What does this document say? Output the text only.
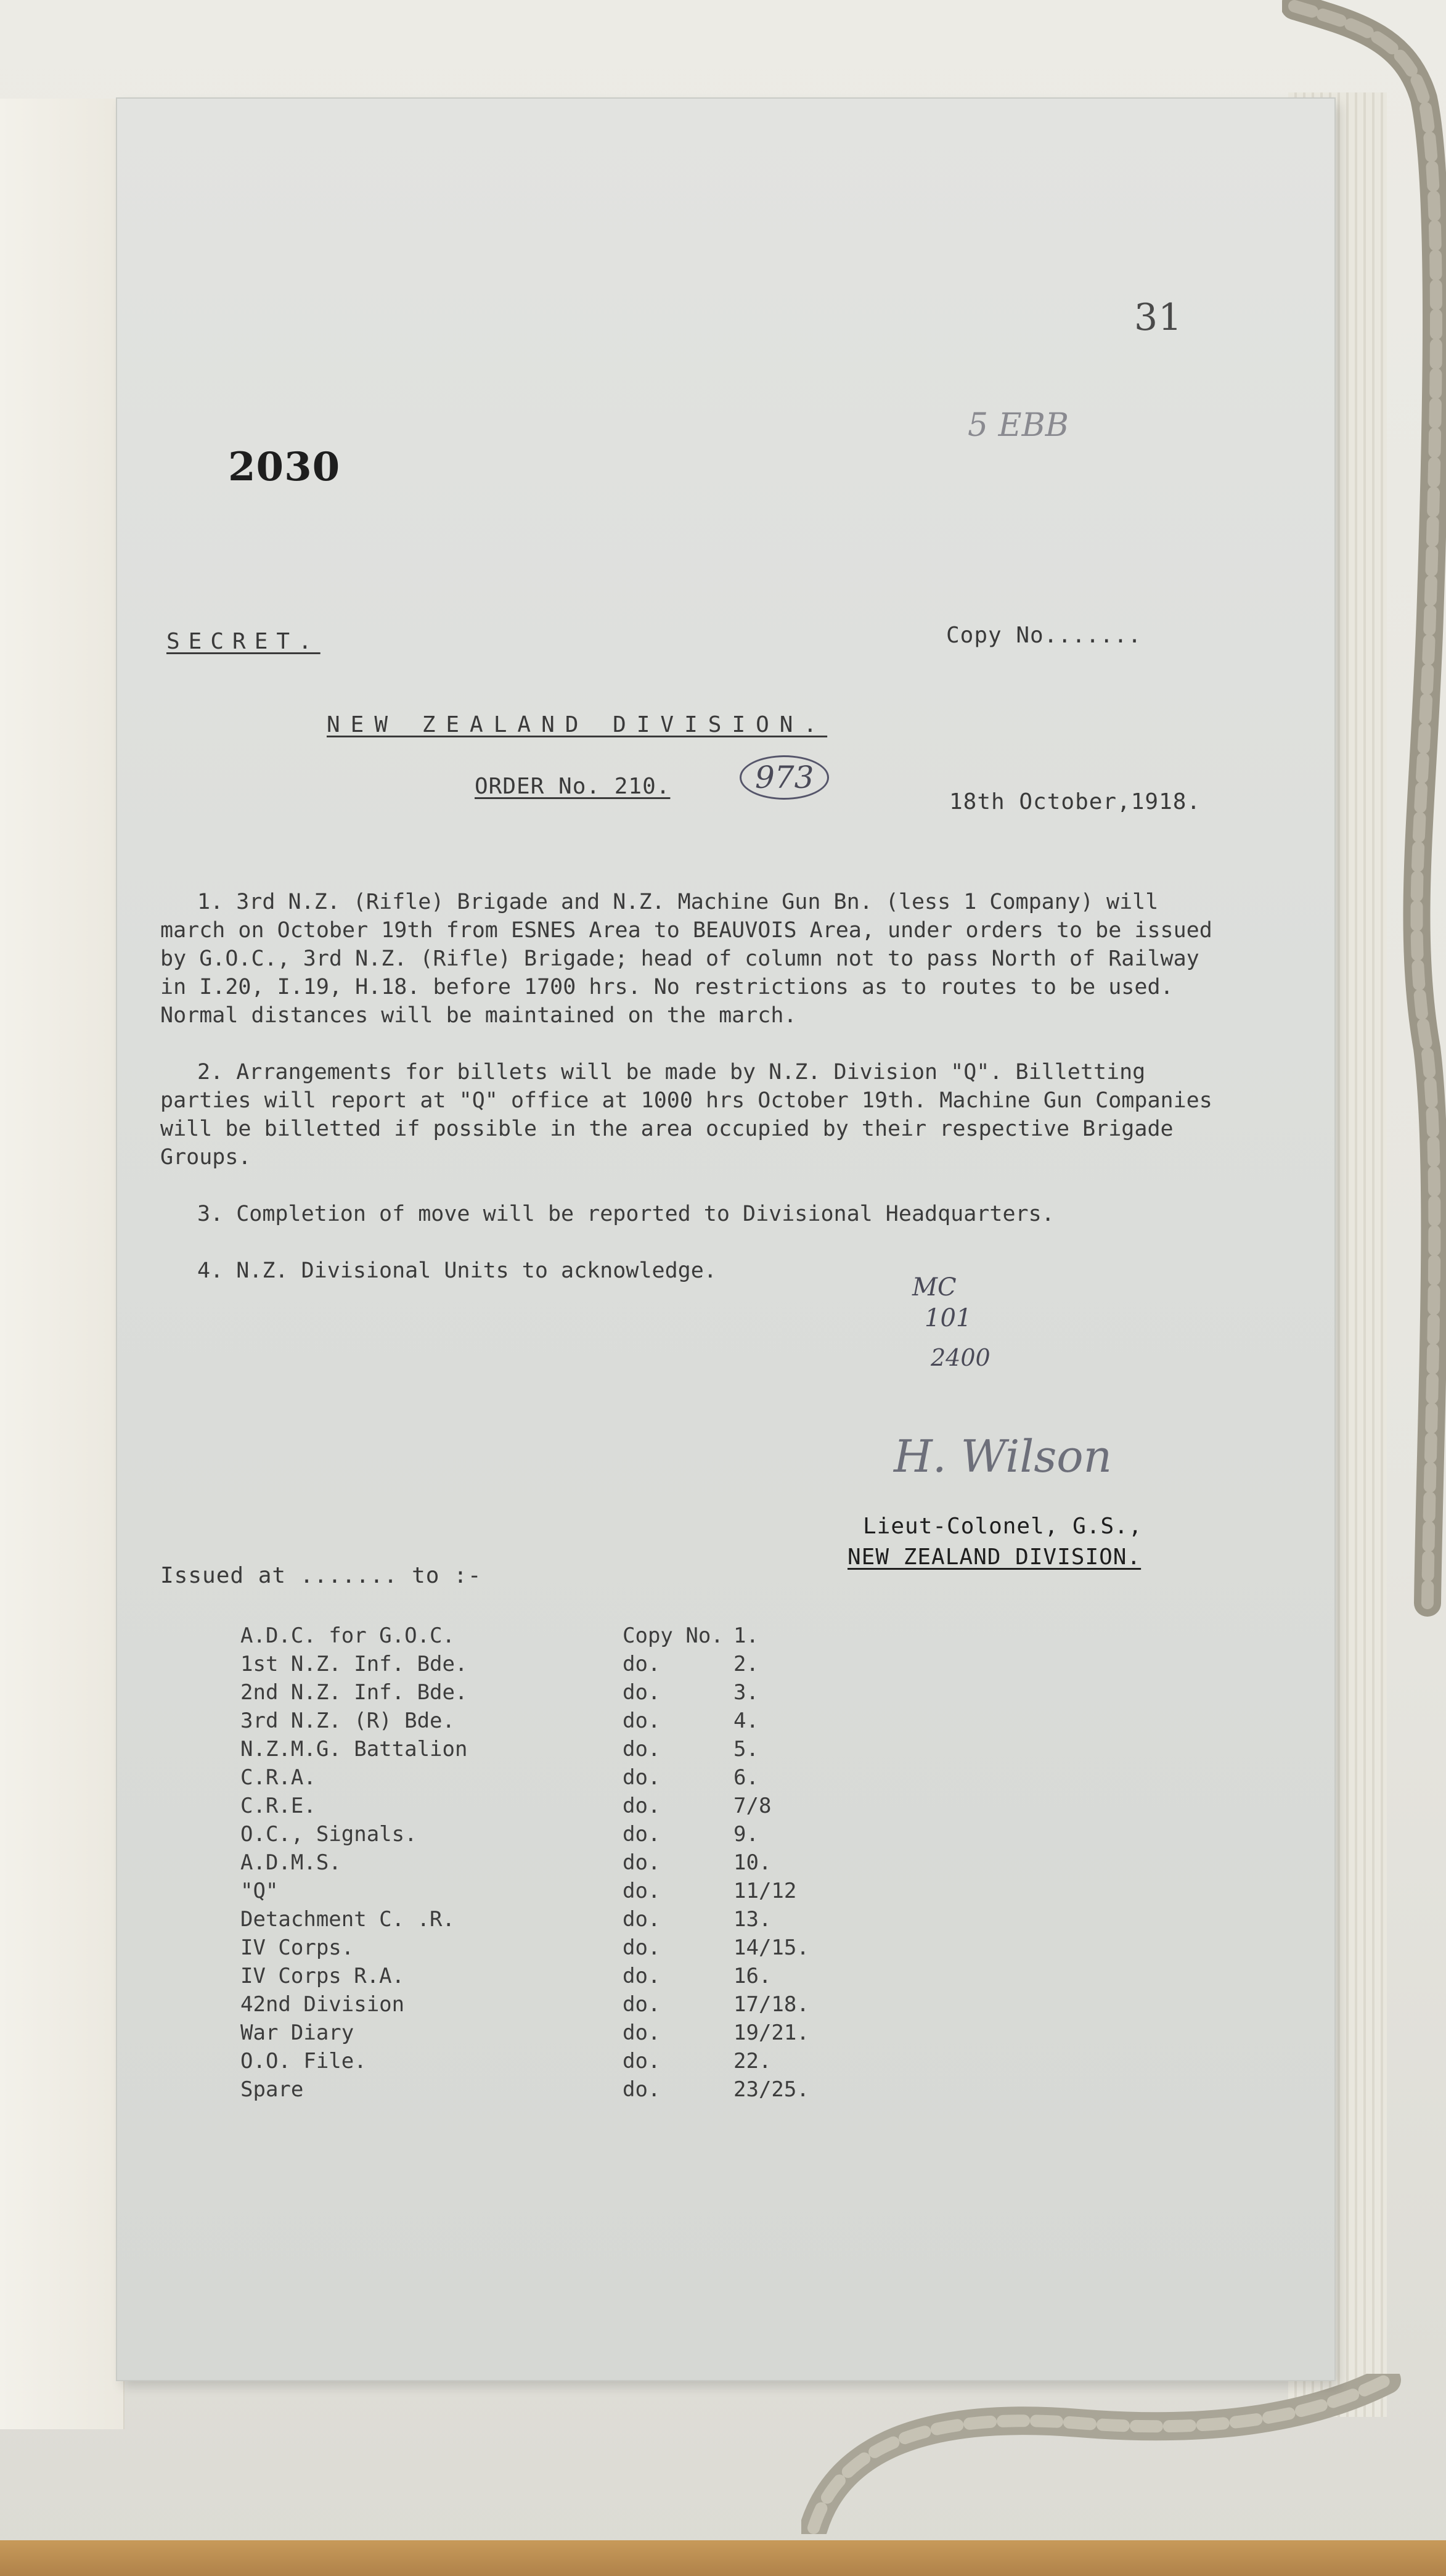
31
5 EBB
2030
SECRET.	Copy No.......
NEW ZEALAND DIVISION.
ORDER No. 210.	973
18th October,1918.

1. 3rd N.Z. (Rifle) Brigade and N.Z. Machine Gun Bn. (less 1 Company) will march on October 19th from ESNES Area to BEAUVOIS Area, under orders to be issued by G.O.C., 3rd N.Z. (Rifle) Brigade; head of column not to pass North of Railway in I.20, I.19, H.18. before 1700 hrs. No restrictions as to routes to be used. Normal distances will be maintained on the march.

2. Arrangements for billets will be made by N.Z. Division "Q". Billetting parties will report at "Q" office at 1000 hrs October 19th. Machine Gun Companies will be billetted if possible in the area occupied by their respective Brigade Groups.

3. Completion of move will be reported to Divisional Headquarters.

4. N.Z. Divisional Units to acknowledge.

MC
101
2400
H. Wilson
Lieut-Colonel, G.S.,
NEW ZEALAND DIVISION.
Issued at ....... to :-
A.D.C. for G.O.C.	Copy No. 1.
1st N.Z. Inf. Bde.	do.	2.
2nd N.Z. Inf. Bde.	do.	3.
3rd N.Z. (R) Bde.	do.	4.
N.Z.M.G. Battalion	do.	5.
C.R.A.	do.	6.
C.R.E.	do.	7/8
O.C., Signals.	do.	9.
A.D.M.S.	do.	10.
"Q"	do.	11/12
Detachment C. .R.	do.	13.
IV Corps.	do.	14/15.
IV Corps R.A.	do.	16.
42nd Division	do.	17/18.
War Diary	do.	19/21.
O.O. File.	do.	22.
Spare	do.	23/25.
